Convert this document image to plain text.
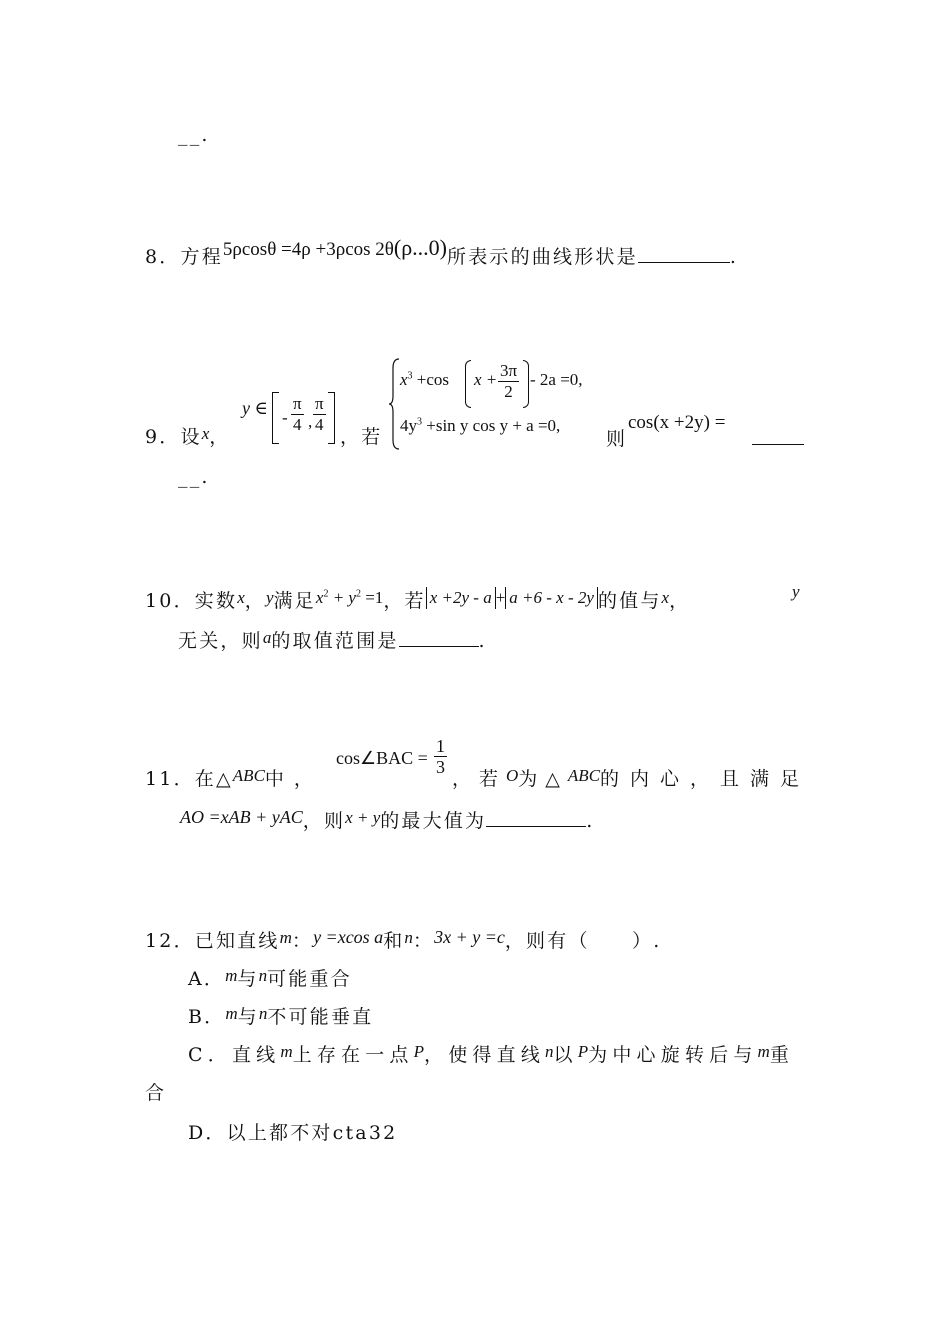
__.
8．方程5ρcosθ =4ρ +3ρcos 2θ(ρ...0)所表示的曲线形状是	.
9．设x，
y ∈ - $\frac{\pi}{4}$ , $\frac{\pi}{4}$
，若
$x^3 +\cos$ $x + \frac{3\pi}{2} - 2a =0$,
$4y^3 +\sin$ y cos y + a =0,
则
cos(x +2y) =
__.
10．实数x，y满足$x^2 + y^2 =1$，若 x +2y - a + a +6 - x - 2y 的值与x，	y
无关，则a的取值范围是	.
11．在△ABC中，
cos∠BAC = $\frac{1}{3}$
，若O为△ABC的内心，且满足
AO =xAB + yAC，则x + y的最大值为	.
12．已知直线m：y =xcos a和n：3x + y =c，则有（　　）.
A．m与n可能重合
B．m与n不可能垂直
C．直线m上存在一点P，使得直线n以P为中心旋转后与m重
合
D．以上都不对cta32
